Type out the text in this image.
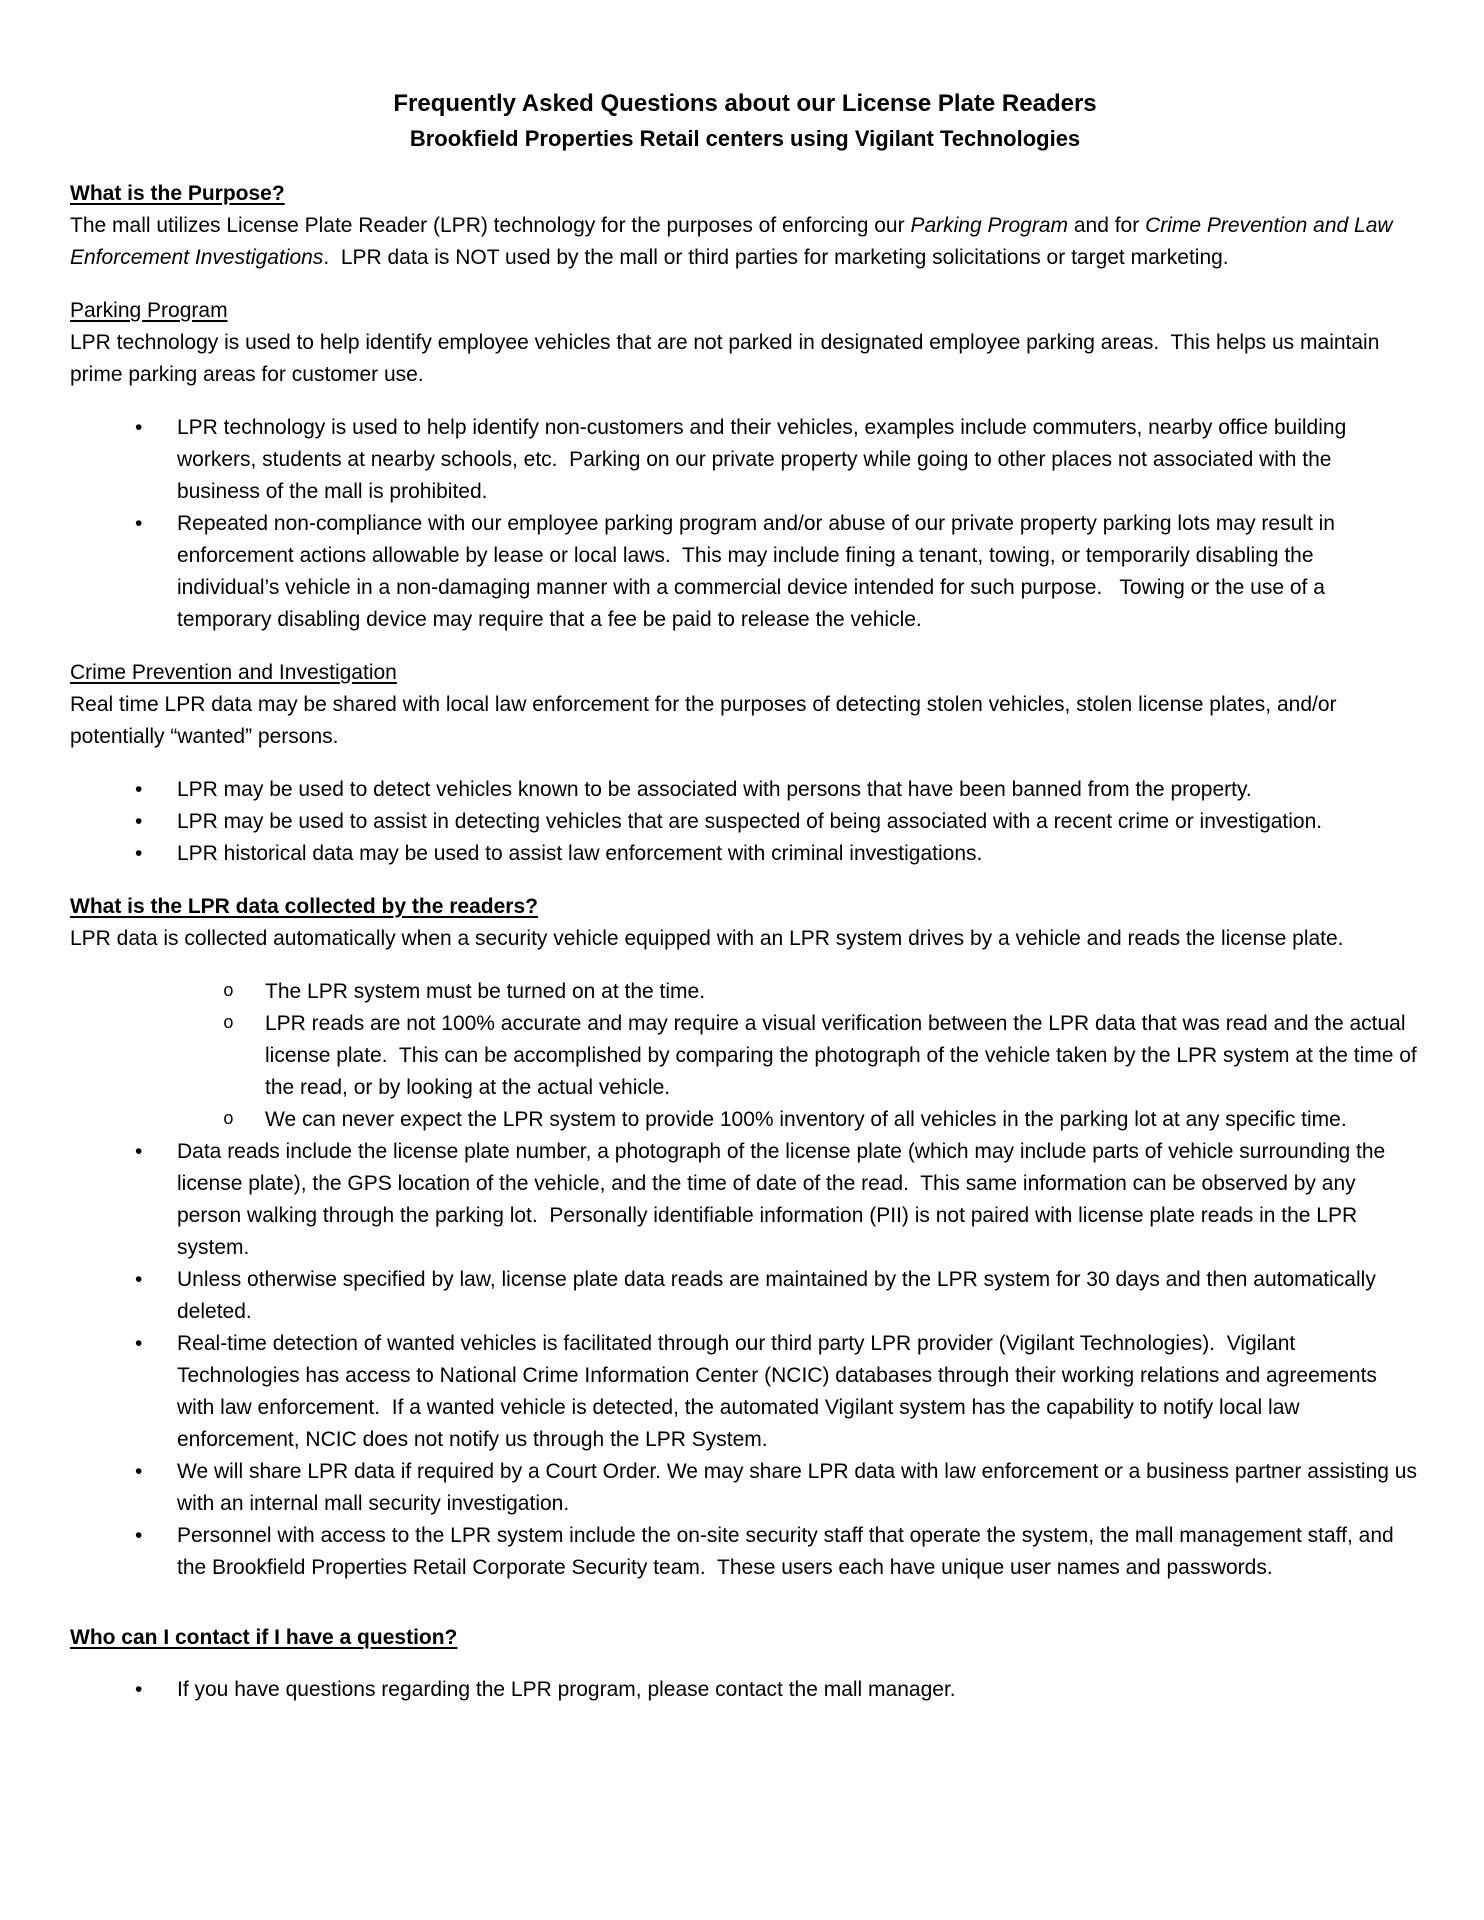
Frequently Asked Questions about our License Plate Readers
Brookfield Properties Retail centers using Vigilant Technologies
What is the Purpose?
The mall utilizes License Plate Reader (LPR) technology for the purposes of enforcing our Parking Program and for Crime Prevention and Law Enforcement Investigations.  LPR data is NOT used by the mall or third parties for marketing solicitations or target marketing.
Parking Program
LPR technology is used to help identify employee vehicles that are not parked in designated employee parking areas.  This helps us maintain prime parking areas for customer use.
• LPR technology is used to help identify non-customers and their vehicles, examples include commuters, nearby office building workers, students at nearby schools, etc.  Parking on our private property while going to other places not associated with the business of the mall is prohibited.
• Repeated non-compliance with our employee parking program and/or abuse of our private property parking lots may result in enforcement actions allowable by lease or local laws.  This may include fining a tenant, towing, or temporarily disabling the individual’s vehicle in a non-damaging manner with a commercial device intended for such purpose.   Towing or the use of a temporary disabling device may require that a fee be paid to release the vehicle.
Crime Prevention and Investigation
Real time LPR data may be shared with local law enforcement for the purposes of detecting stolen vehicles, stolen license plates, and/or potentially “wanted” persons.
• LPR may be used to detect vehicles known to be associated with persons that have been banned from the property.
• LPR may be used to assist in detecting vehicles that are suspected of being associated with a recent crime or investigation.
• LPR historical data may be used to assist law enforcement with criminal investigations.
What is the LPR data collected by the readers?
LPR data is collected automatically when a security vehicle equipped with an LPR system drives by a vehicle and reads the license plate.
o The LPR system must be turned on at the time.
o LPR reads are not 100% accurate and may require a visual verification between the LPR data that was read and the actual license plate.  This can be accomplished by comparing the photograph of the vehicle taken by the LPR system at the time of the read, or by looking at the actual vehicle.
o We can never expect the LPR system to provide 100% inventory of all vehicles in the parking lot at any specific time.
• Data reads include the license plate number, a photograph of the license plate (which may include parts of vehicle surrounding the license plate), the GPS location of the vehicle, and the time of date of the read.  This same information can be observed by any person walking through the parking lot.  Personally identifiable information (PII) is not paired with license plate reads in the LPR system.
• Unless otherwise specified by law, license plate data reads are maintained by the LPR system for 30 days and then automatically deleted.
• Real-time detection of wanted vehicles is facilitated through our third party LPR provider (Vigilant Technologies).  Vigilant Technologies has access to National Crime Information Center (NCIC) databases through their working relations and agreements with law enforcement.  If a wanted vehicle is detected, the automated Vigilant system has the capability to notify local law enforcement, NCIC does not notify us through the LPR System.
• We will share LPR data if required by a Court Order. We may share LPR data with law enforcement or a business partner assisting us with an internal mall security investigation.
• Personnel with access to the LPR system include the on-site security staff that operate the system, the mall management staff, and the Brookfield Properties Retail Corporate Security team.  These users each have unique user names and passwords.
Who can I contact if I have a question?
• If you have questions regarding the LPR program, please contact the mall manager.
